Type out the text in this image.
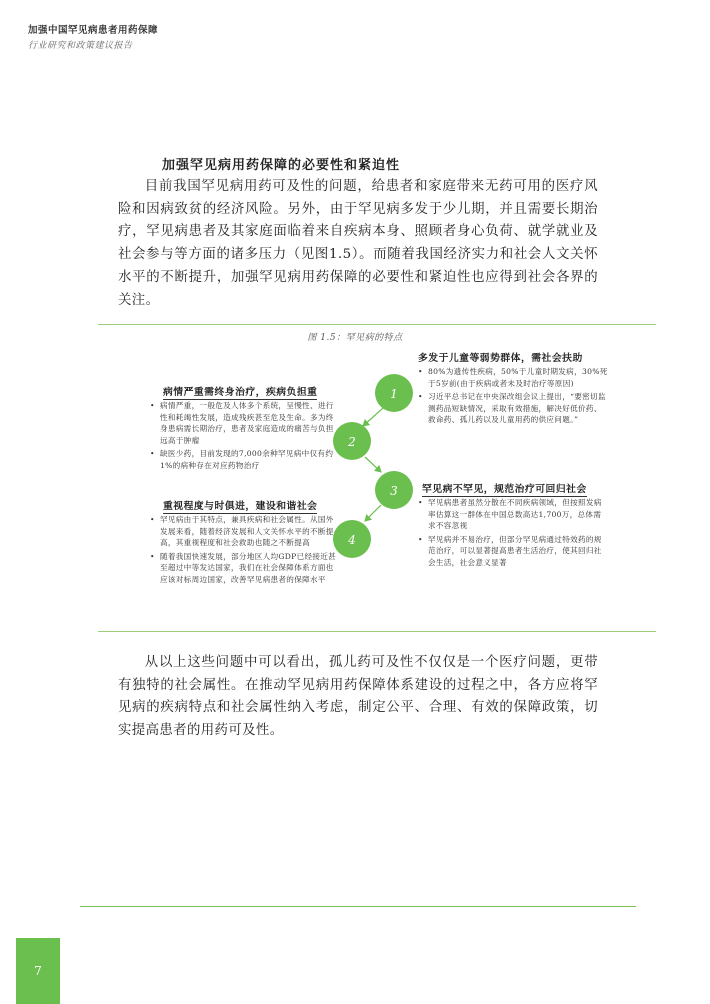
加强中国罕见病患者用药保障
行业研究和政策建议报告
加强罕见病用药保障的必要性和紧迫性

目前我国罕见病用药可及性的问题，给患者和家庭带来无药可用的医疗风险和因病致贫的经济风险。另外，由于罕见病多发于少儿期，并且需要长期治疗，罕见病患者及其家庭面临着来自疾病本身、照顾者身心负荷、就学就业及社会参与等方面的诸多压力（见图1.5）。而随着我国经济实力和社会人文关怀水平的不断提升，加强罕见病用药保障的必要性和紧迫性也应得到社会各界的关注。

图 1.5：罕见病的特点
1
2
3
4
多发于儿童等弱势群体，需社会扶助
• 80%为遗传性疾病，50%于儿童时期发病，30%死于5岁前(由于疾病或者未及时治疗等原因)
• 习近平总书记在中央深改组会议上提出，“要密切监测药品短缺情况，采取有效措施，解决好低价药、救命药、孤儿药以及儿童用药的供应问题。”
病情严重需终身治疗，疾病负担重
• 病情严重，一般危及人体多个系统，呈慢性、进行性和耗竭性发展，造成残疾甚至危及生命。多为终身患病需长期治疗，患者及家庭造成的痛苦与负担远高于肿瘤
• 缺医少药，目前发现的7,000余种罕见病中仅有约1%的病种存在对应药物治疗
罕见病不罕见，规范治疗可回归社会
• 罕见病患者虽然分散在不同疾病领域，但按照发病率估算这一群体在中国总数高达1,700万，总体需求不容忽视
• 罕见病并不易治疗，但部分罕见病通过特效药的规范治疗，可以显著提高患者生活治疗，使其回归社会生活，社会意义显著
重视程度与时俱进，建设和谐社会
• 罕见病由于其特点，兼具疾病和社会属性。从国外发展来看，随着经济发展和人文关怀水平的不断提高，其重视程度和社会救助也随之不断提高
• 随着我国快速发展，部分地区人均GDP已经接近甚至超过中等发达国家，我们在社会保障体系方面也应该对标周边国家，改善罕见病患者的保障水平

从以上这些问题中可以看出，孤儿药可及性不仅仅是一个医疗问题，更带有独特的社会属性。在推动罕见病用药保障体系建设的过程之中，各方应将罕见病的疾病特点和社会属性纳入考虑，制定公平、合理、有效的保障政策，切实提高患者的用药可及性。

7
